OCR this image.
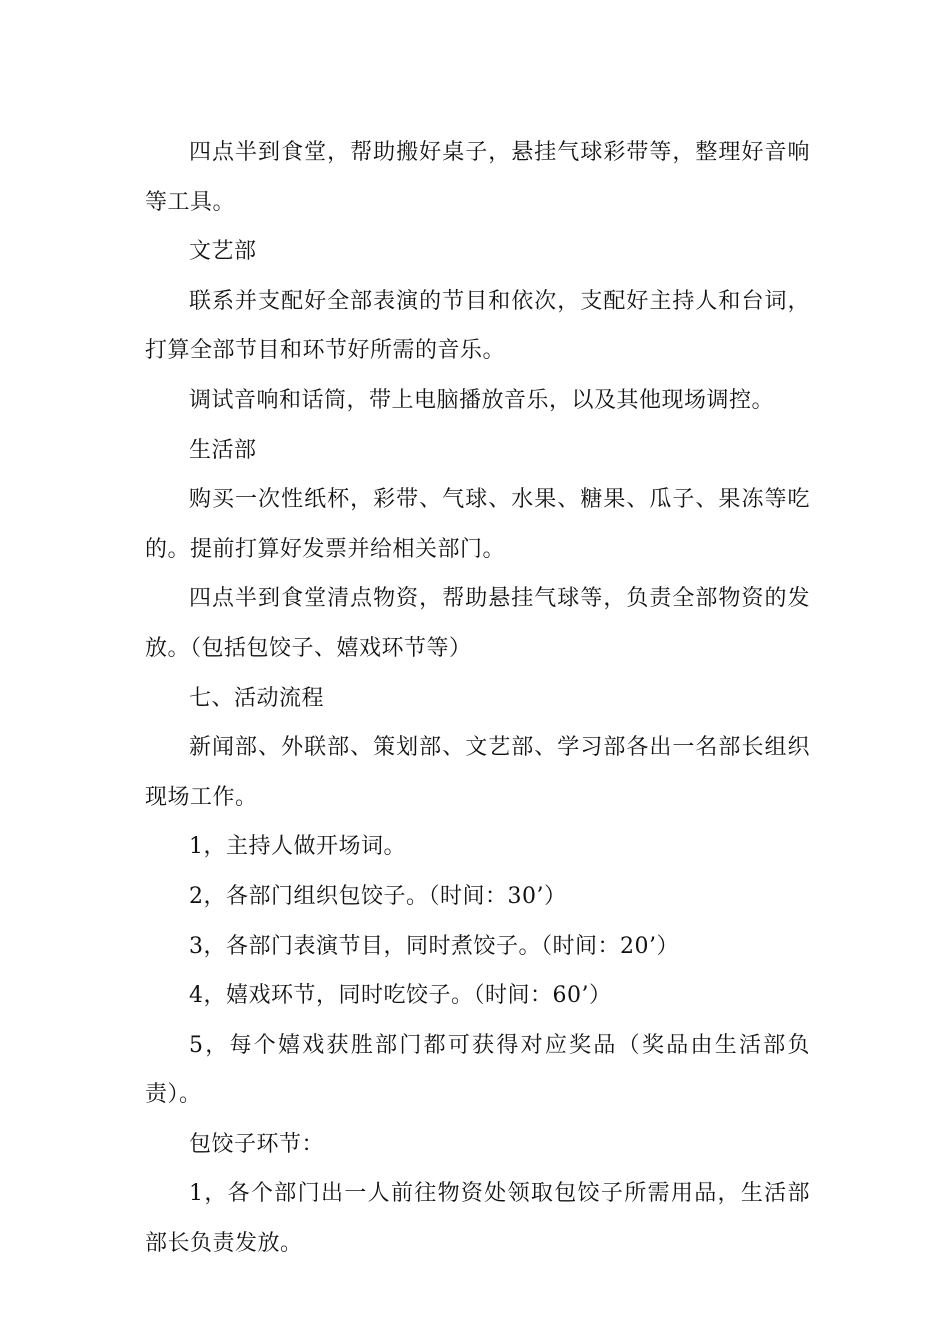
四点半到食堂，帮助搬好桌子，悬挂气球彩带等，整理好音响等工具。

文艺部

联系并支配好全部表演的节目和依次，支配好主持人和台词，打算全部节目和环节好所需的音乐。

调试音响和话筒，带上电脑播放音乐，以及其他现场调控。

生活部

购买一次性纸杯，彩带、气球、水果、糖果、瓜子、果冻等吃的。提前打算好发票并给相关部门。

四点半到食堂清点物资，帮助悬挂气球等，负责全部物资的发放。（包括包饺子、嬉戏环节等）

七、活动流程

新闻部、外联部、策划部、文艺部、学习部各出一名部长组织现场工作。

1，主持人做开场词。

2，各部门组织包饺子。（时间：30’）

3，各部门表演节目，同时煮饺子。（时间：20’）

4，嬉戏环节，同时吃饺子。（时间：60’）

5，每个嬉戏获胜部门都可获得对应奖品（奖品由生活部负责）。

包饺子环节：

1，各个部门出一人前往物资处领取包饺子所需用品，生活部部长负责发放。
